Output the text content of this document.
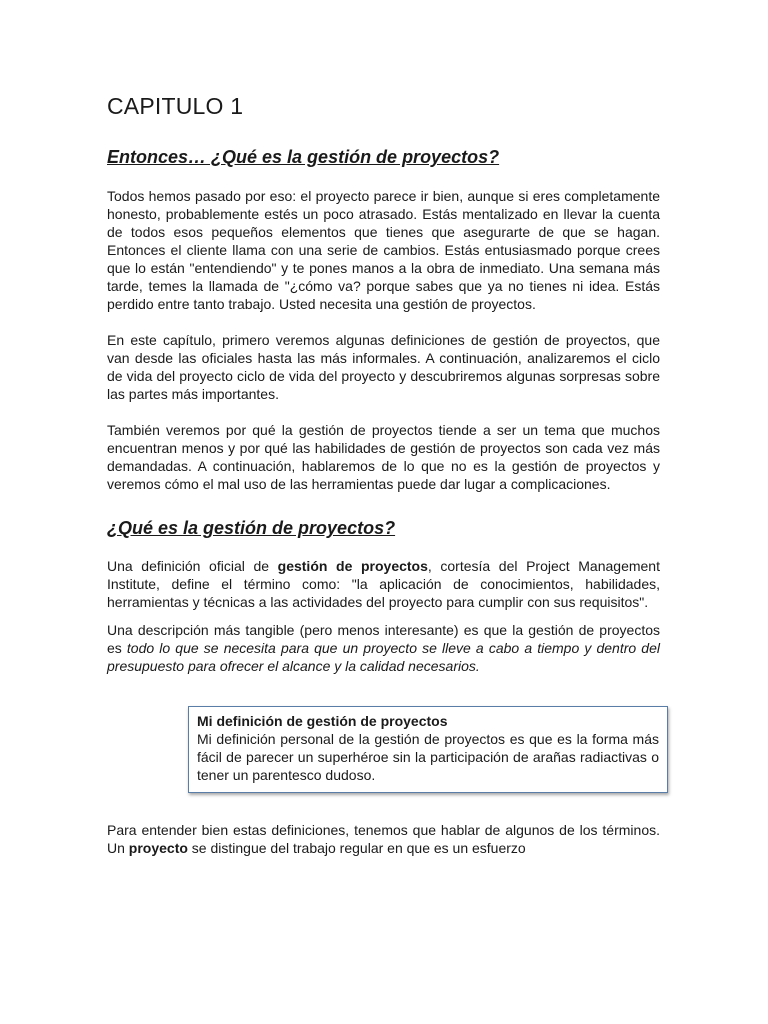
CAPITULO 1
Entonces… ¿Qué es la gestión de proyectos?

Todos hemos pasado por eso: el proyecto parece ir bien, aunque si eres completamente honesto, probablemente estés un poco atrasado. Estás mentalizado en llevar la cuenta de todos esos pequeños elementos que tienes que asegurarte de que se hagan. Entonces el cliente llama con una serie de cambios. Estás entusiasmado porque crees que lo están "entendiendo" y te pones manos a la obra de inmediato. Una semana más tarde, temes la llamada de "¿cómo va? porque sabes que ya no tienes ni idea. Estás perdido entre tanto trabajo. Usted necesita una gestión de proyectos.

En este capítulo, primero veremos algunas definiciones de gestión de proyectos, que van desde las oficiales hasta las más informales. A continuación, analizaremos el ciclo de vida del proyecto ciclo de vida del proyecto y descubriremos algunas sorpresas sobre las partes más importantes.

También veremos por qué la gestión de proyectos tiende a ser un tema que muchos encuentran menos y por qué las habilidades de gestión de proyectos son cada vez más demandadas. A continuación, hablaremos de lo que no es la gestión de proyectos y veremos cómo el mal uso de las herramientas puede dar lugar a complicaciones.

¿Qué es la gestión de proyectos?

Una definición oficial de gestión de proyectos, cortesía del Project Management Institute, define el término como: "la aplicación de conocimientos, habilidades, herramientas y técnicas a las actividades del proyecto para cumplir con sus requisitos".

Una descripción más tangible (pero menos interesante) es que la gestión de proyectos es todo lo que se necesita para que un proyecto se lleve a cabo a tiempo y dentro del presupuesto para ofrecer el alcance y la calidad necesarios.

Mi definición de gestión de proyectos
Mi definición personal de la gestión de proyectos es que es la forma más fácil de parecer un superhéroe sin la participación de arañas radiactivas o tener un parentesco dudoso.

Para entender bien estas definiciones, tenemos que hablar de algunos de los términos. Un proyecto se distingue del trabajo regular en que es un esfuerzo
